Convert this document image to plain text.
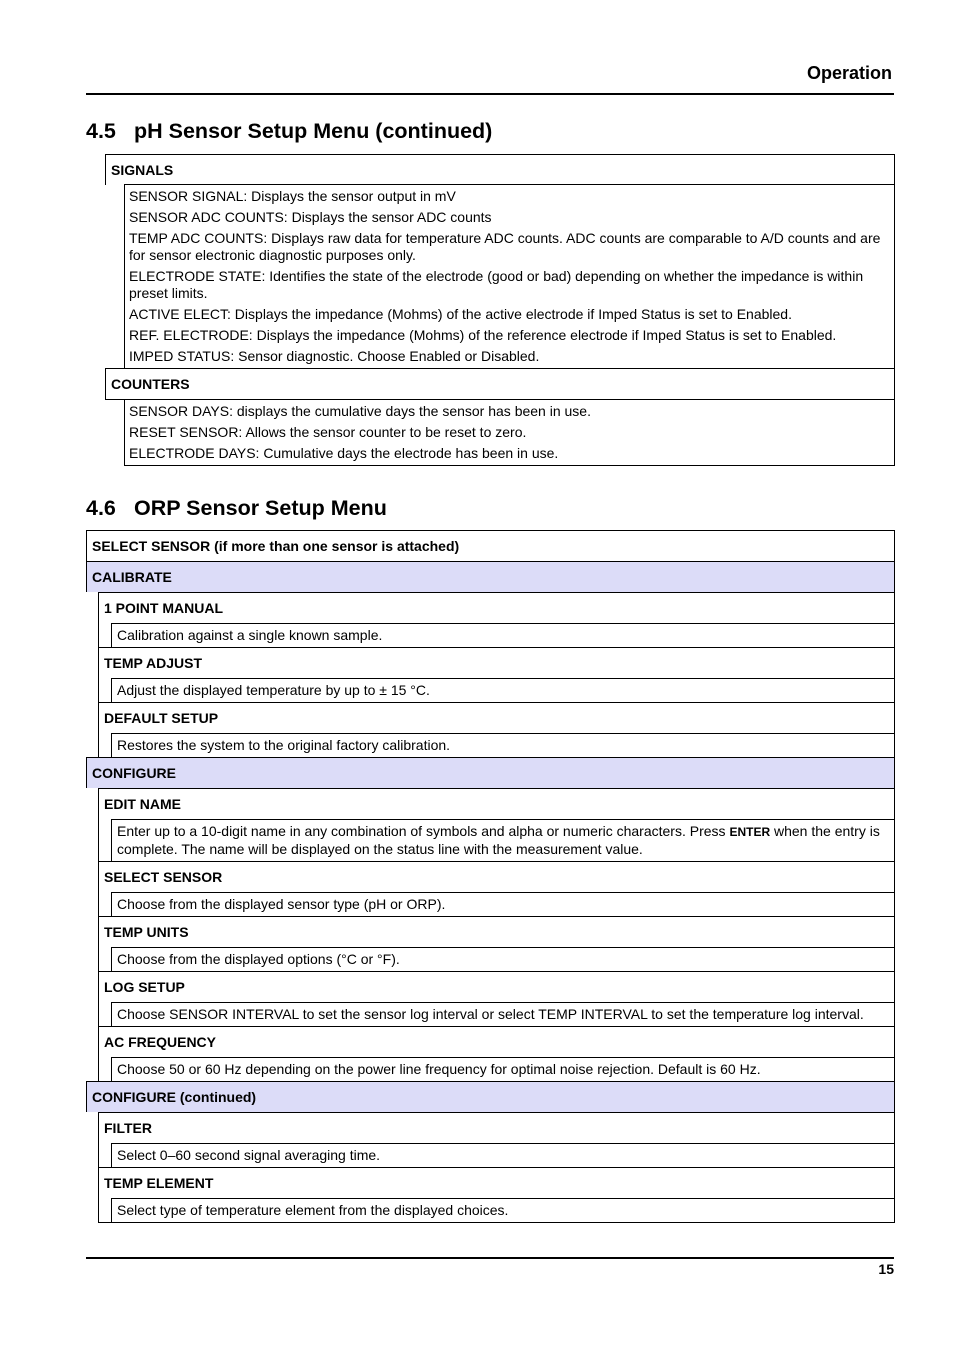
Operation
4.5 pH Sensor Setup Menu (continued)
SIGNALS
SENSOR SIGNAL: Displays the sensor output in mV
SENSOR ADC COUNTS: Displays the sensor ADC counts
TEMP ADC COUNTS: Displays raw data for temperature ADC counts. ADC counts are comparable to A/D counts and are for sensor electronic diagnostic purposes only.
ELECTRODE STATE: Identifies the state of the electrode (good or bad) depending on whether the impedance is within preset limits.
ACTIVE ELECT: Displays the impedance (Mohms) of the active electrode if Imped Status is set to Enabled.
REF. ELECTRODE: Displays the impedance (Mohms) of the reference electrode if Imped Status is set to Enabled.
IMPED STATUS: Sensor diagnostic. Choose Enabled or Disabled.
COUNTERS
SENSOR DAYS: displays the cumulative days the sensor has been in use.
RESET SENSOR: Allows the sensor counter to be reset to zero.
ELECTRODE DAYS: Cumulative days the electrode has been in use.
4.6 ORP Sensor Setup Menu
SELECT SENSOR (if more than one sensor is attached)
CALIBRATE
1 POINT MANUAL
Calibration against a single known sample.
TEMP ADJUST
Adjust the displayed temperature by up to ± 15 °C.
DEFAULT SETUP
Restores the system to the original factory calibration.
CONFIGURE
EDIT NAME
Enter up to a 10-digit name in any combination of symbols and alpha or numeric characters. Press ENTER when the entry is complete. The name will be displayed on the status line with the measurement value.
SELECT SENSOR
Choose from the displayed sensor type (pH or ORP).
TEMP UNITS
Choose from the displayed options (°C or °F).
LOG SETUP
Choose SENSOR INTERVAL to set the sensor log interval or select TEMP INTERVAL to set the temperature log interval.
AC FREQUENCY
Choose 50 or 60 Hz depending on the power line frequency for optimal noise rejection. Default is 60 Hz.
CONFIGURE (continued)
FILTER
Select 0–60 second signal averaging time.
TEMP ELEMENT
Select type of temperature element from the displayed choices.
15
